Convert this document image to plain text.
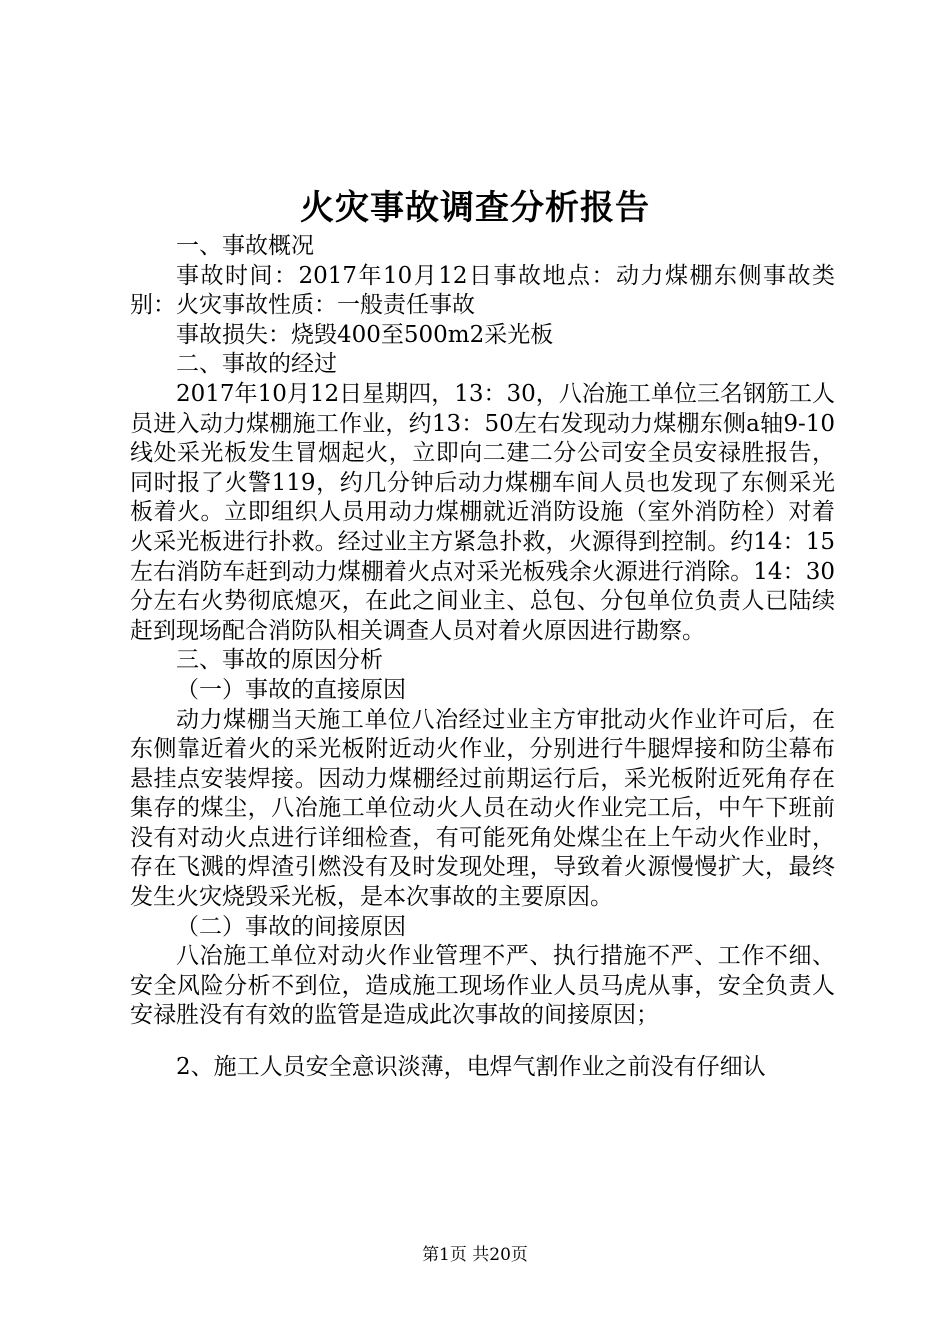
火灾事故调查分析报告

一、事故概况

事故时间：2017年10月12日事故地点：动力煤棚东侧事故类别：火灾事故性质：一般责任事故

事故损失：烧毁400至500m2采光板

二、事故的经过

2017年10月12日星期四，13：30，八冶施工单位三名钢筋工人员进入动力煤棚施工作业，约13：50左右发现动力煤棚东侧a轴9-10线处采光板发生冒烟起火，立即向二建二分公司安全员安禄胜报告，同时报了火警119，约几分钟后动力煤棚车间人员也发现了东侧采光板着火。立即组织人员用动力煤棚就近消防设施（室外消防栓）对着火采光板进行扑救。经过业主方紧急扑救，火源得到控制。约14：15左右消防车赶到动力煤棚着火点对采光板残余火源进行消除。14：30分左右火势彻底熄灭，在此之间业主、总包、分包单位负责人已陆续赶到现场配合消防队相关调查人员对着火原因进行勘察。

三、事故的原因分析

（一）事故的直接原因

动力煤棚当天施工单位八冶经过业主方审批动火作业许可后，在东侧靠近着火的采光板附近动火作业，分别进行牛腿焊接和防尘幕布悬挂点安装焊接。因动力煤棚经过前期运行后，采光板附近死角存在集存的煤尘，八冶施工单位动火人员在动火作业完工后，中午下班前没有对动火点进行详细检查，有可能死角处煤尘在上午动火作业时，存在飞溅的焊渣引燃没有及时发现处理，导致着火源慢慢扩大，最终发生火灾烧毁采光板，是本次事故的主要原因。

（二）事故的间接原因

八冶施工单位对动火作业管理不严、执行措施不严、工作不细、安全风险分析不到位，造成施工现场作业人员马虎从事，安全负责人安禄胜没有有效的监管是造成此次事故的间接原因；

2、施工人员安全意识淡薄，电焊气割作业之前没有仔细认

第1页 共20页
